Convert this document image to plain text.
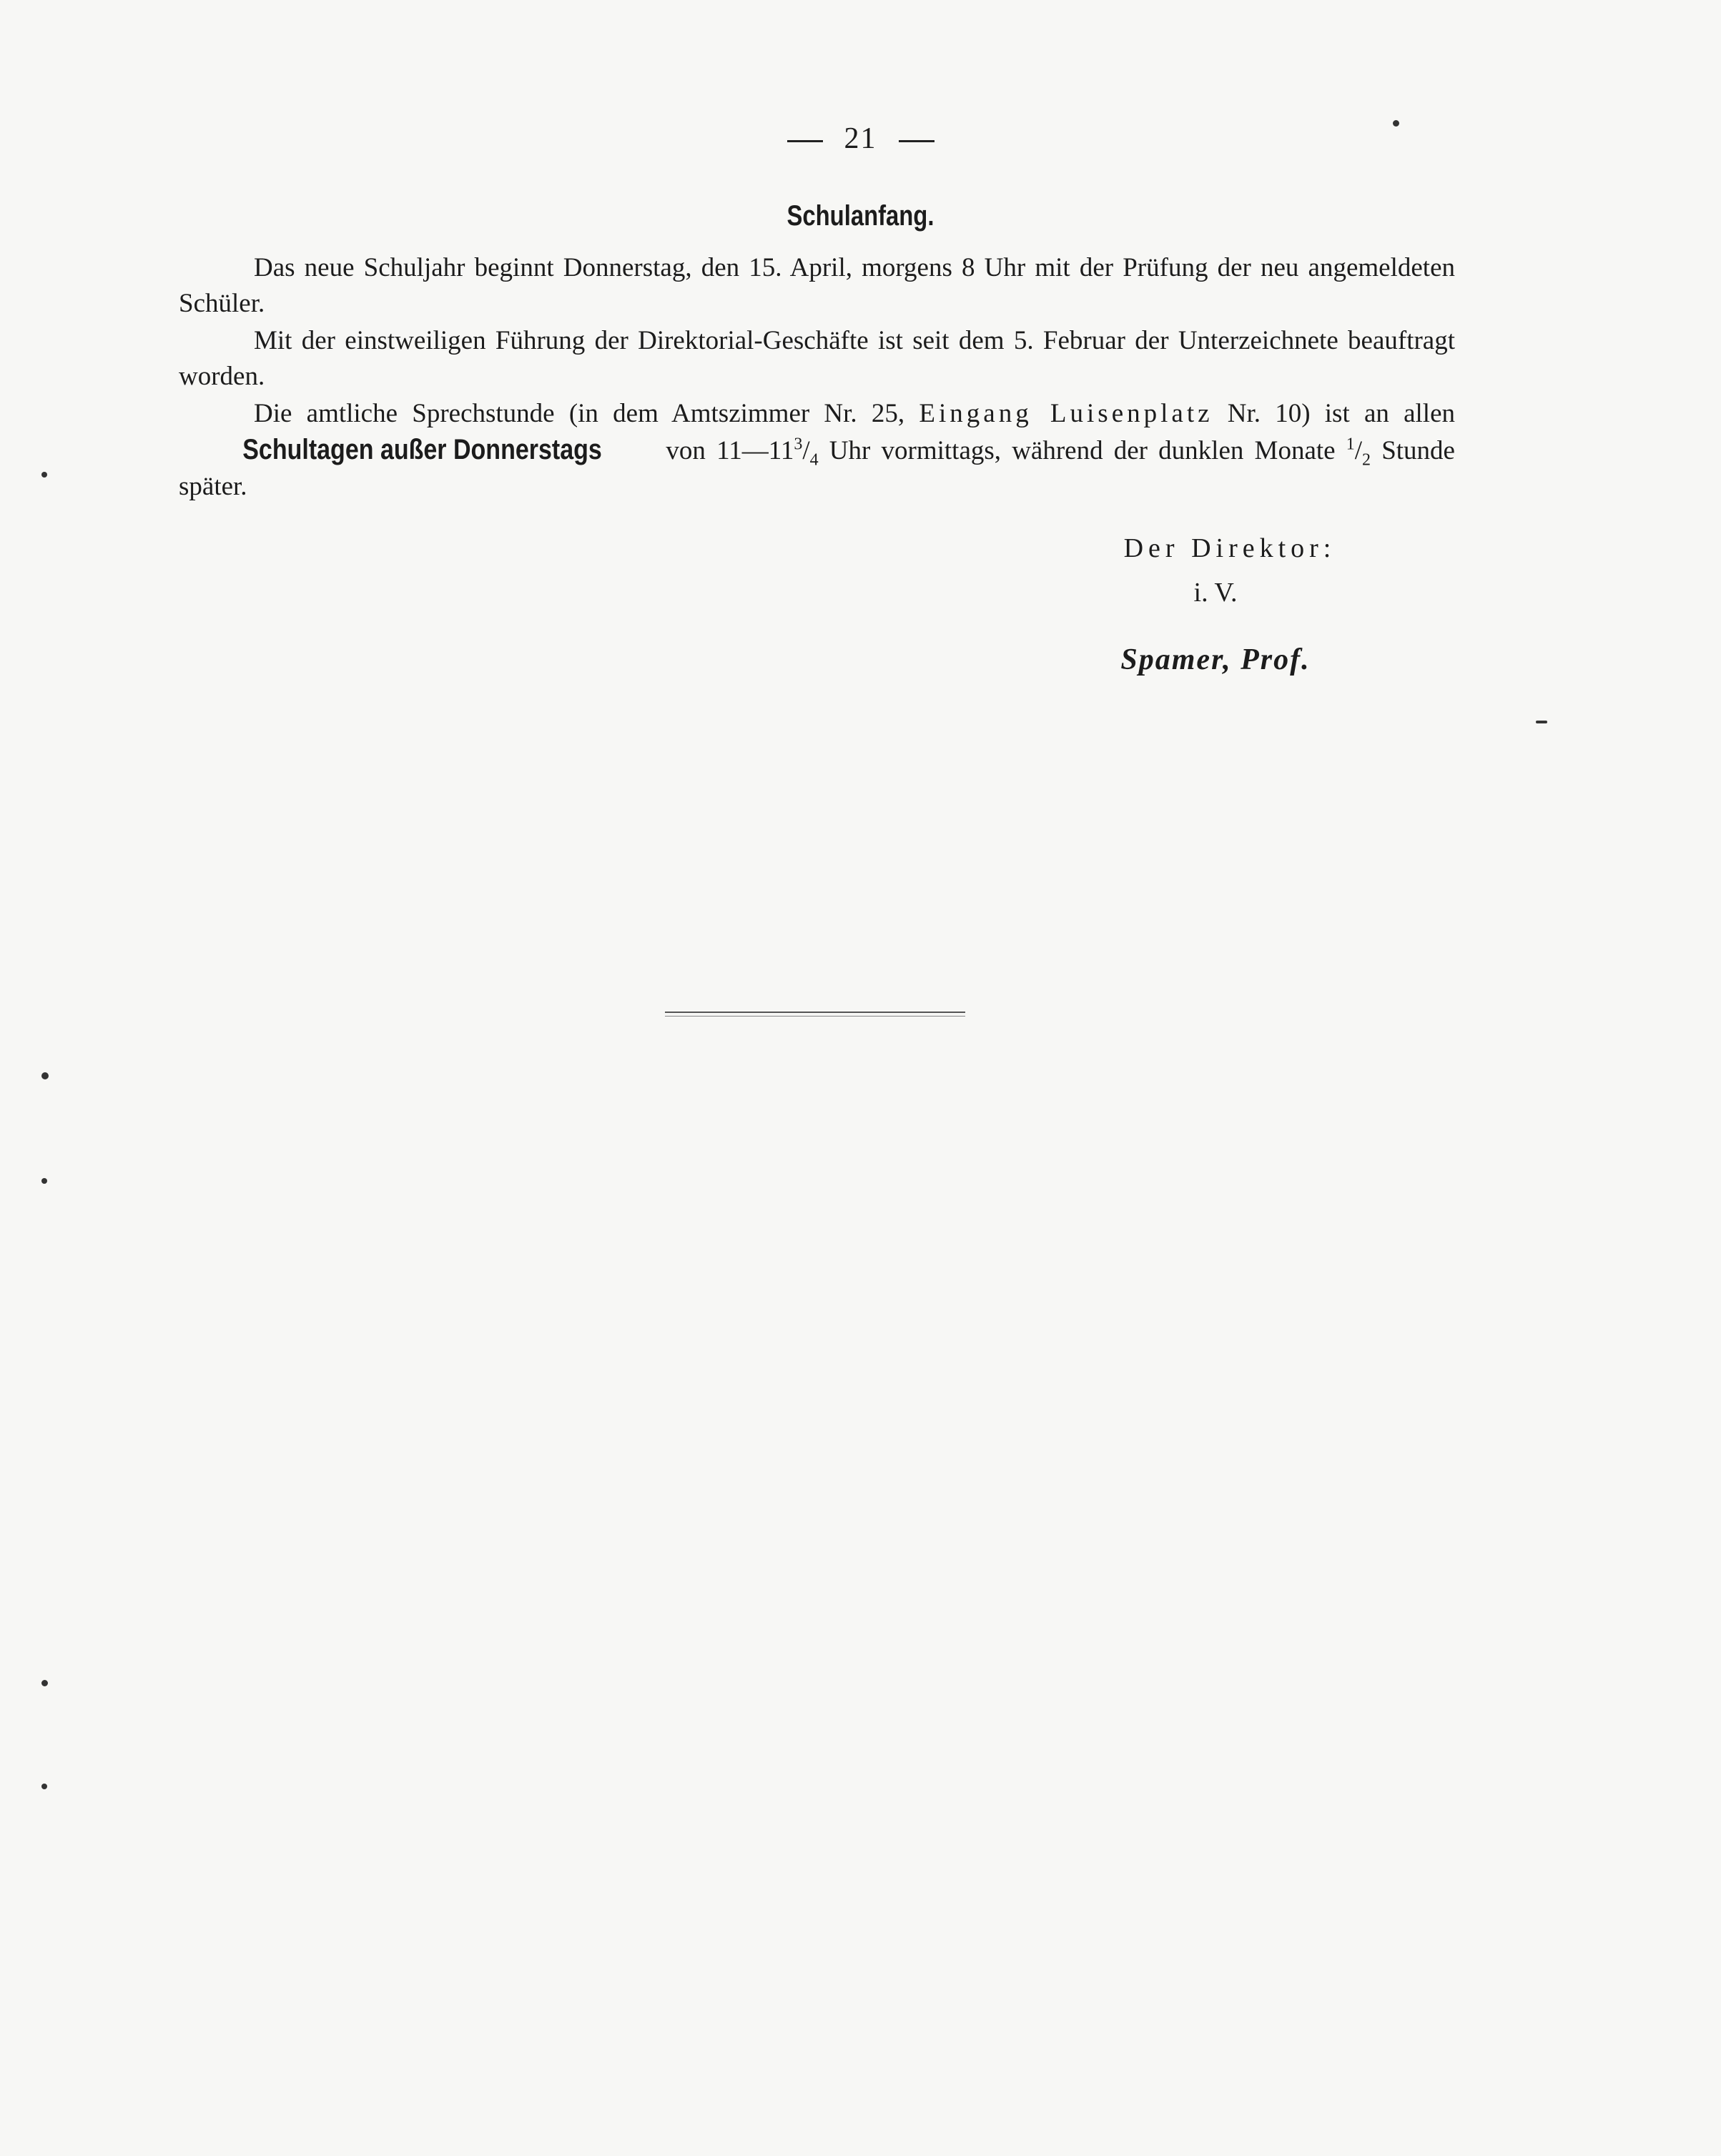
21
Schulanfang.

Das neue Schuljahr beginnt Donnerstag, den 15. April, morgens 8 Uhr mit der Prüfung der neu angemeldeten Schüler.

Mit der einstweiligen Führung der Direktorial-Geschäfte ist seit dem 5. Februar der Unterzeichnete beauftragt worden.

Die amtliche Sprechstunde (in dem Amtszimmer Nr. 25, Eingang Luisenplatz Nr. 10) ist an allen Schultagen außer Donnerstags von $11—11^3/_4$ Uhr vormittags, während der dunklen Monate $^1/_2$ Stunde später.

Der Direktor:
i. V.
Spamer, Prof.
